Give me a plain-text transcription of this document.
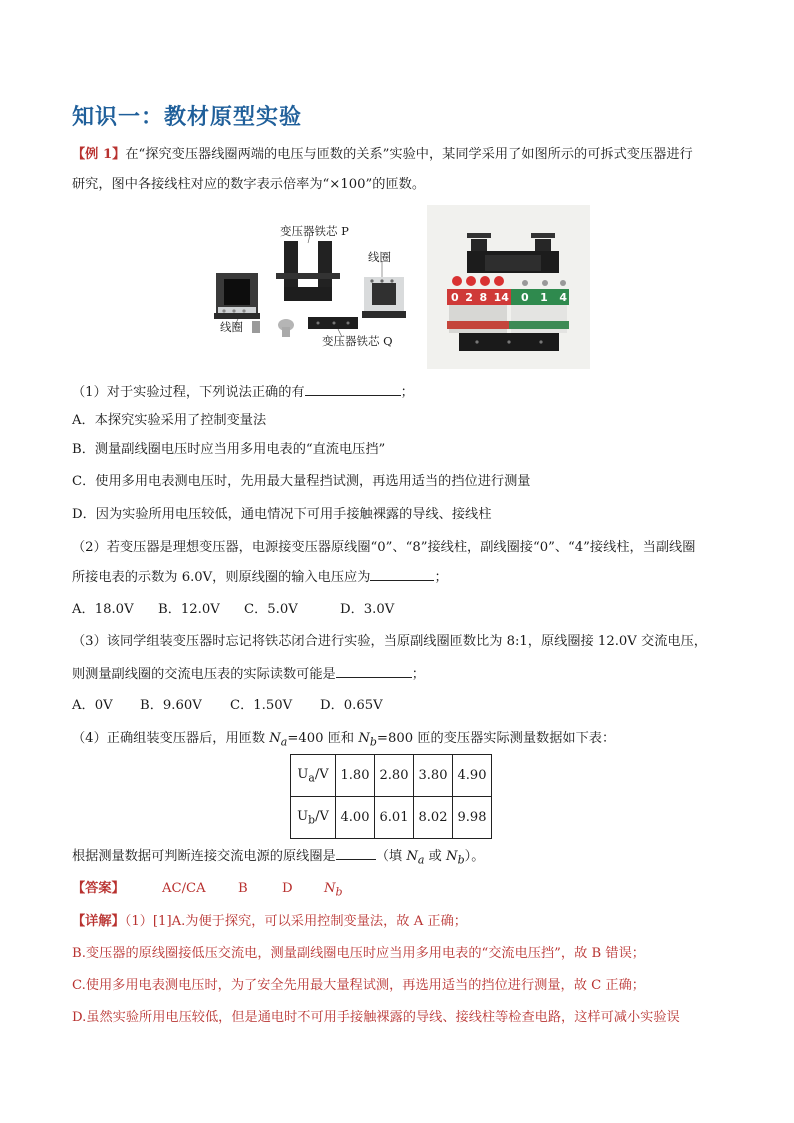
知识一：教材原型实验
【例 1】在“探究变压器线圈两端的电压与匝数的关系”实验中，某同学采用了如图所示的可拆式变压器进行
研究，图中各接线柱对应的数字表示倍率为“×100”的匝数。
变压器铁芯 P
线圈
线圈
变压器铁芯 Q
0 2 8 14 0 1 4
（1）对于实验过程，下列说法正确的有	；
A．本探究实验采用了控制变量法
B．测量副线圈电压时应当用多用电表的“直流电压挡”
C．使用多用电表测电压时，先用最大量程挡试测，再选用适当的挡位进行测量
D．因为实验所用电压较低，通电情况下可用手接触裸露的导线、接线柱
（2）若变压器是理想变压器，电源接变压器原线圈“0”、“8”接线柱，副线圈接“0”、“4”接线柱，当副线圈
所接电表的示数为 6.0V，则原线圈的输入电压应为	；
A．18.0V B．12.0V C．5.0V	D．3.0V
（3）该同学组装变压器时忘记将铁芯闭合进行实验，当原副线圈匝数比为 8:1，原线圈接 12.0V 交流电压，
则测量副线圈的交流电压表的实际读数可能是	；
A．0V B．9.60V C．1.50V D．0.65V
（4）正确组装变压器后，用匝数 $N_a=400$ 匝和 $N_b=800$ 匝的变压器实际测量数据如下表：
$U_a/V$	1.80	2.80	3.80	4.90
$U_b/V$	4.00	6.01	8.02	9.98
根据测量数据可判断连接交流电源的原线圈是	（填 $N_a$ 或 $N_b$）。
【答案】	AC/CA B	D $N_b$
【详解】（1）[1]A.为便于探究，可以采用控制变量法，故 A 正确；
B.变压器的原线圈接低压交流电，测量副线圈电压时应当用多用电表的“交流电压挡”，故 B 错误；
C.使用多用电表测电压时，为了安全先用最大量程试测，再选用适当的挡位进行测量，故 C 正确；
D.虽然实验所用电压较低，但是通电时不可用手接触裸露的导线、接线柱等检查电路，这样可减小实验误
